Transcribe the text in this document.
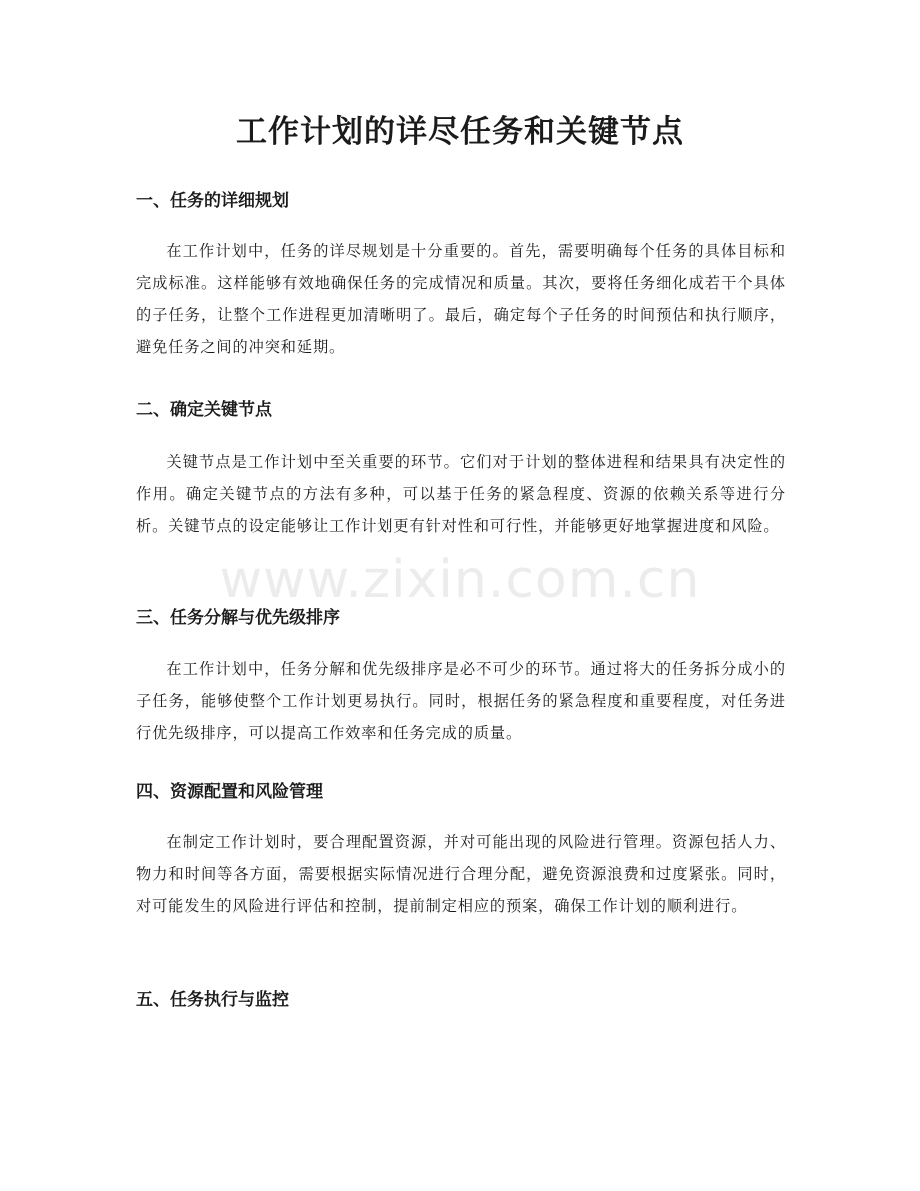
工作计划的详尽任务和关键节点
一、任务的详细规划

在工作计划中，任务的详尽规划是十分重要的。首先，需要明确每个任务的具体目标和完成标准。这样能够有效地确保任务的完成情况和质量。其次，要将任务细化成若干个具体的子任务，让整个工作进程更加清晰明了。最后，确定每个子任务的时间预估和执行顺序，避免任务之间的冲突和延期。

二、确定关键节点

关键节点是工作计划中至关重要的环节。它们对于计划的整体进程和结果具有决定性的作用。确定关键节点的方法有多种，可以基于任务的紧急程度、资源的依赖关系等进行分析。关键节点的设定能够让工作计划更有针对性和可行性，并能够更好地掌握进度和风险。

三、任务分解与优先级排序

在工作计划中，任务分解和优先级排序是必不可少的环节。通过将大的任务拆分成小的子任务，能够使整个工作计划更易执行。同时，根据任务的紧急程度和重要程度，对任务进行优先级排序，可以提高工作效率和任务完成的质量。

四、资源配置和风险管理

在制定工作计划时，要合理配置资源，并对可能出现的风险进行管理。资源包括人力、物力和时间等各方面，需要根据实际情况进行合理分配，避免资源浪费和过度紧张。同时，对可能发生的风险进行评估和控制，提前制定相应的预案，确保工作计划的顺利进行。

五、任务执行与监控
www.zixin.com.cn
